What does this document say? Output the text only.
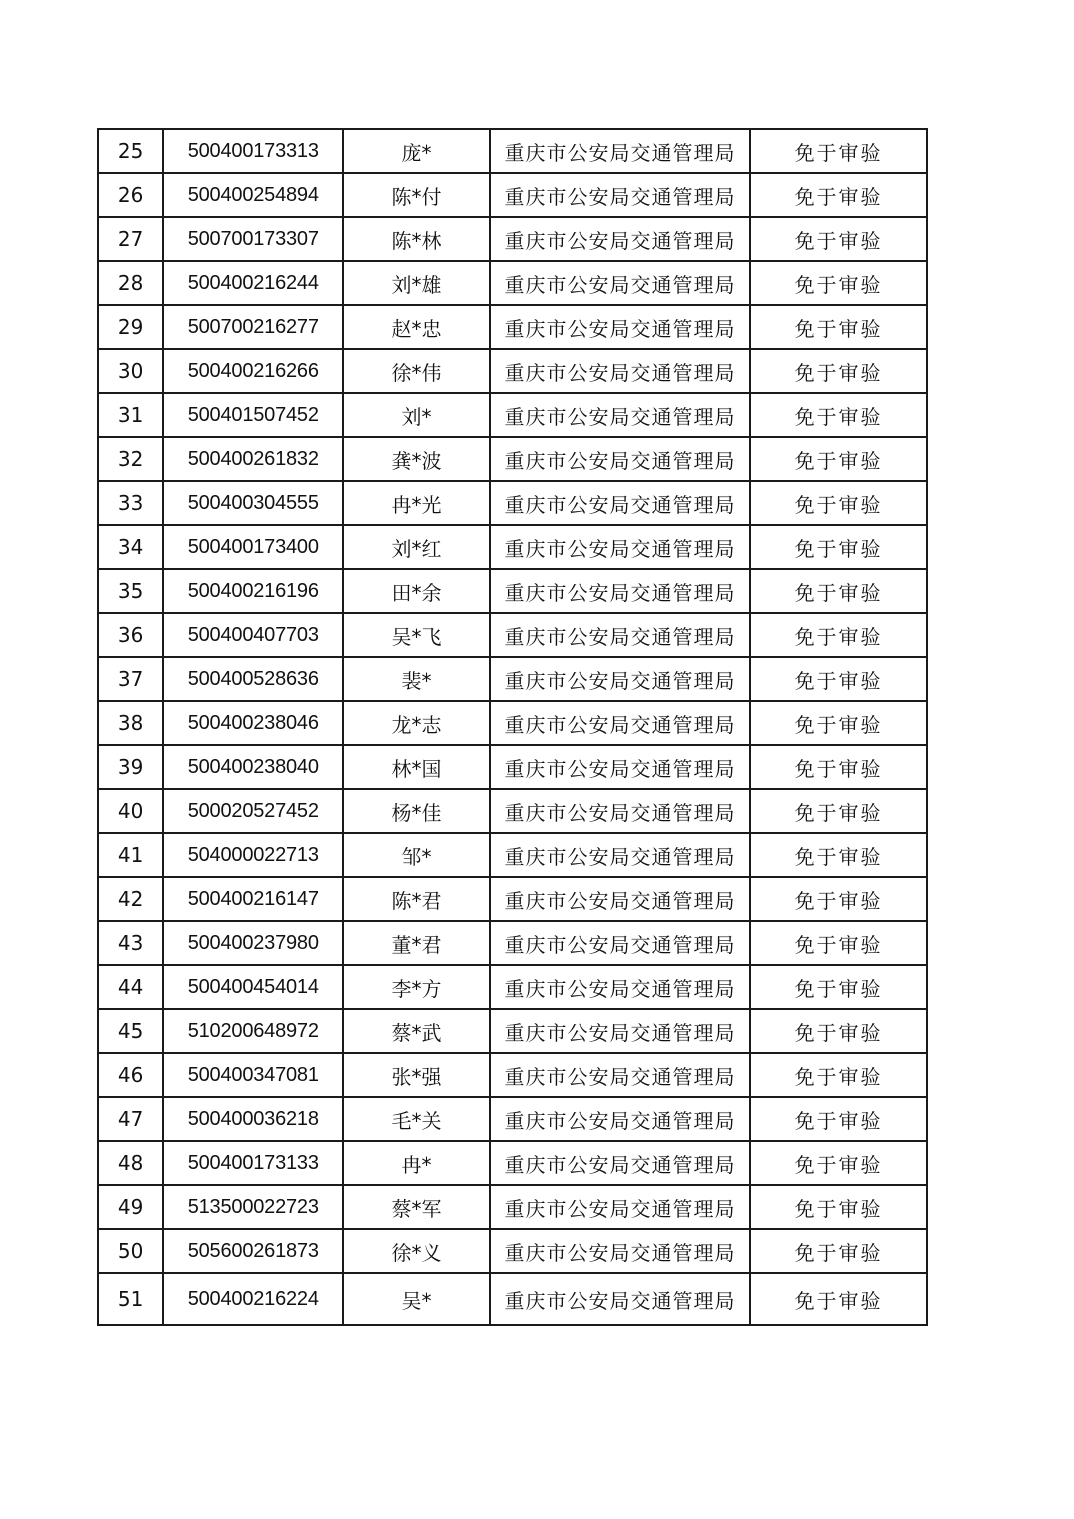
25	500400173313	庞*	重庆市公安局交通管理局	免于审验
26	500400254894	陈*付	重庆市公安局交通管理局	免于审验
27	500700173307	陈*林	重庆市公安局交通管理局	免于审验
28	500400216244	刘*雄	重庆市公安局交通管理局	免于审验
29	500700216277	赵*忠	重庆市公安局交通管理局	免于审验
30	500400216266	徐*伟	重庆市公安局交通管理局	免于审验
31	500401507452	刘*	重庆市公安局交通管理局	免于审验
32	500400261832	龚*波	重庆市公安局交通管理局	免于审验
33	500400304555	冉*光	重庆市公安局交通管理局	免于审验
34	500400173400	刘*红	重庆市公安局交通管理局	免于审验
35	500400216196	田*余	重庆市公安局交通管理局	免于审验
36	500400407703	吴*飞	重庆市公安局交通管理局	免于审验
37	500400528636	裴*	重庆市公安局交通管理局	免于审验
38	500400238046	龙*志	重庆市公安局交通管理局	免于审验
39	500400238040	林*国	重庆市公安局交通管理局	免于审验
40	500020527452	杨*佳	重庆市公安局交通管理局	免于审验
41	504000022713	邹*	重庆市公安局交通管理局	免于审验
42	500400216147	陈*君	重庆市公安局交通管理局	免于审验
43	500400237980	董*君	重庆市公安局交通管理局	免于审验
44	500400454014	李*方	重庆市公安局交通管理局	免于审验
45	510200648972	蔡*武	重庆市公安局交通管理局	免于审验
46	500400347081	张*强	重庆市公安局交通管理局	免于审验
47	500400036218	毛*关	重庆市公安局交通管理局	免于审验
48	500400173133	冉*	重庆市公安局交通管理局	免于审验
49	513500022723	蔡*军	重庆市公安局交通管理局	免于审验
50	505600261873	徐*义	重庆市公安局交通管理局	免于审验
51	500400216224	吴*	重庆市公安局交通管理局	免于审验
